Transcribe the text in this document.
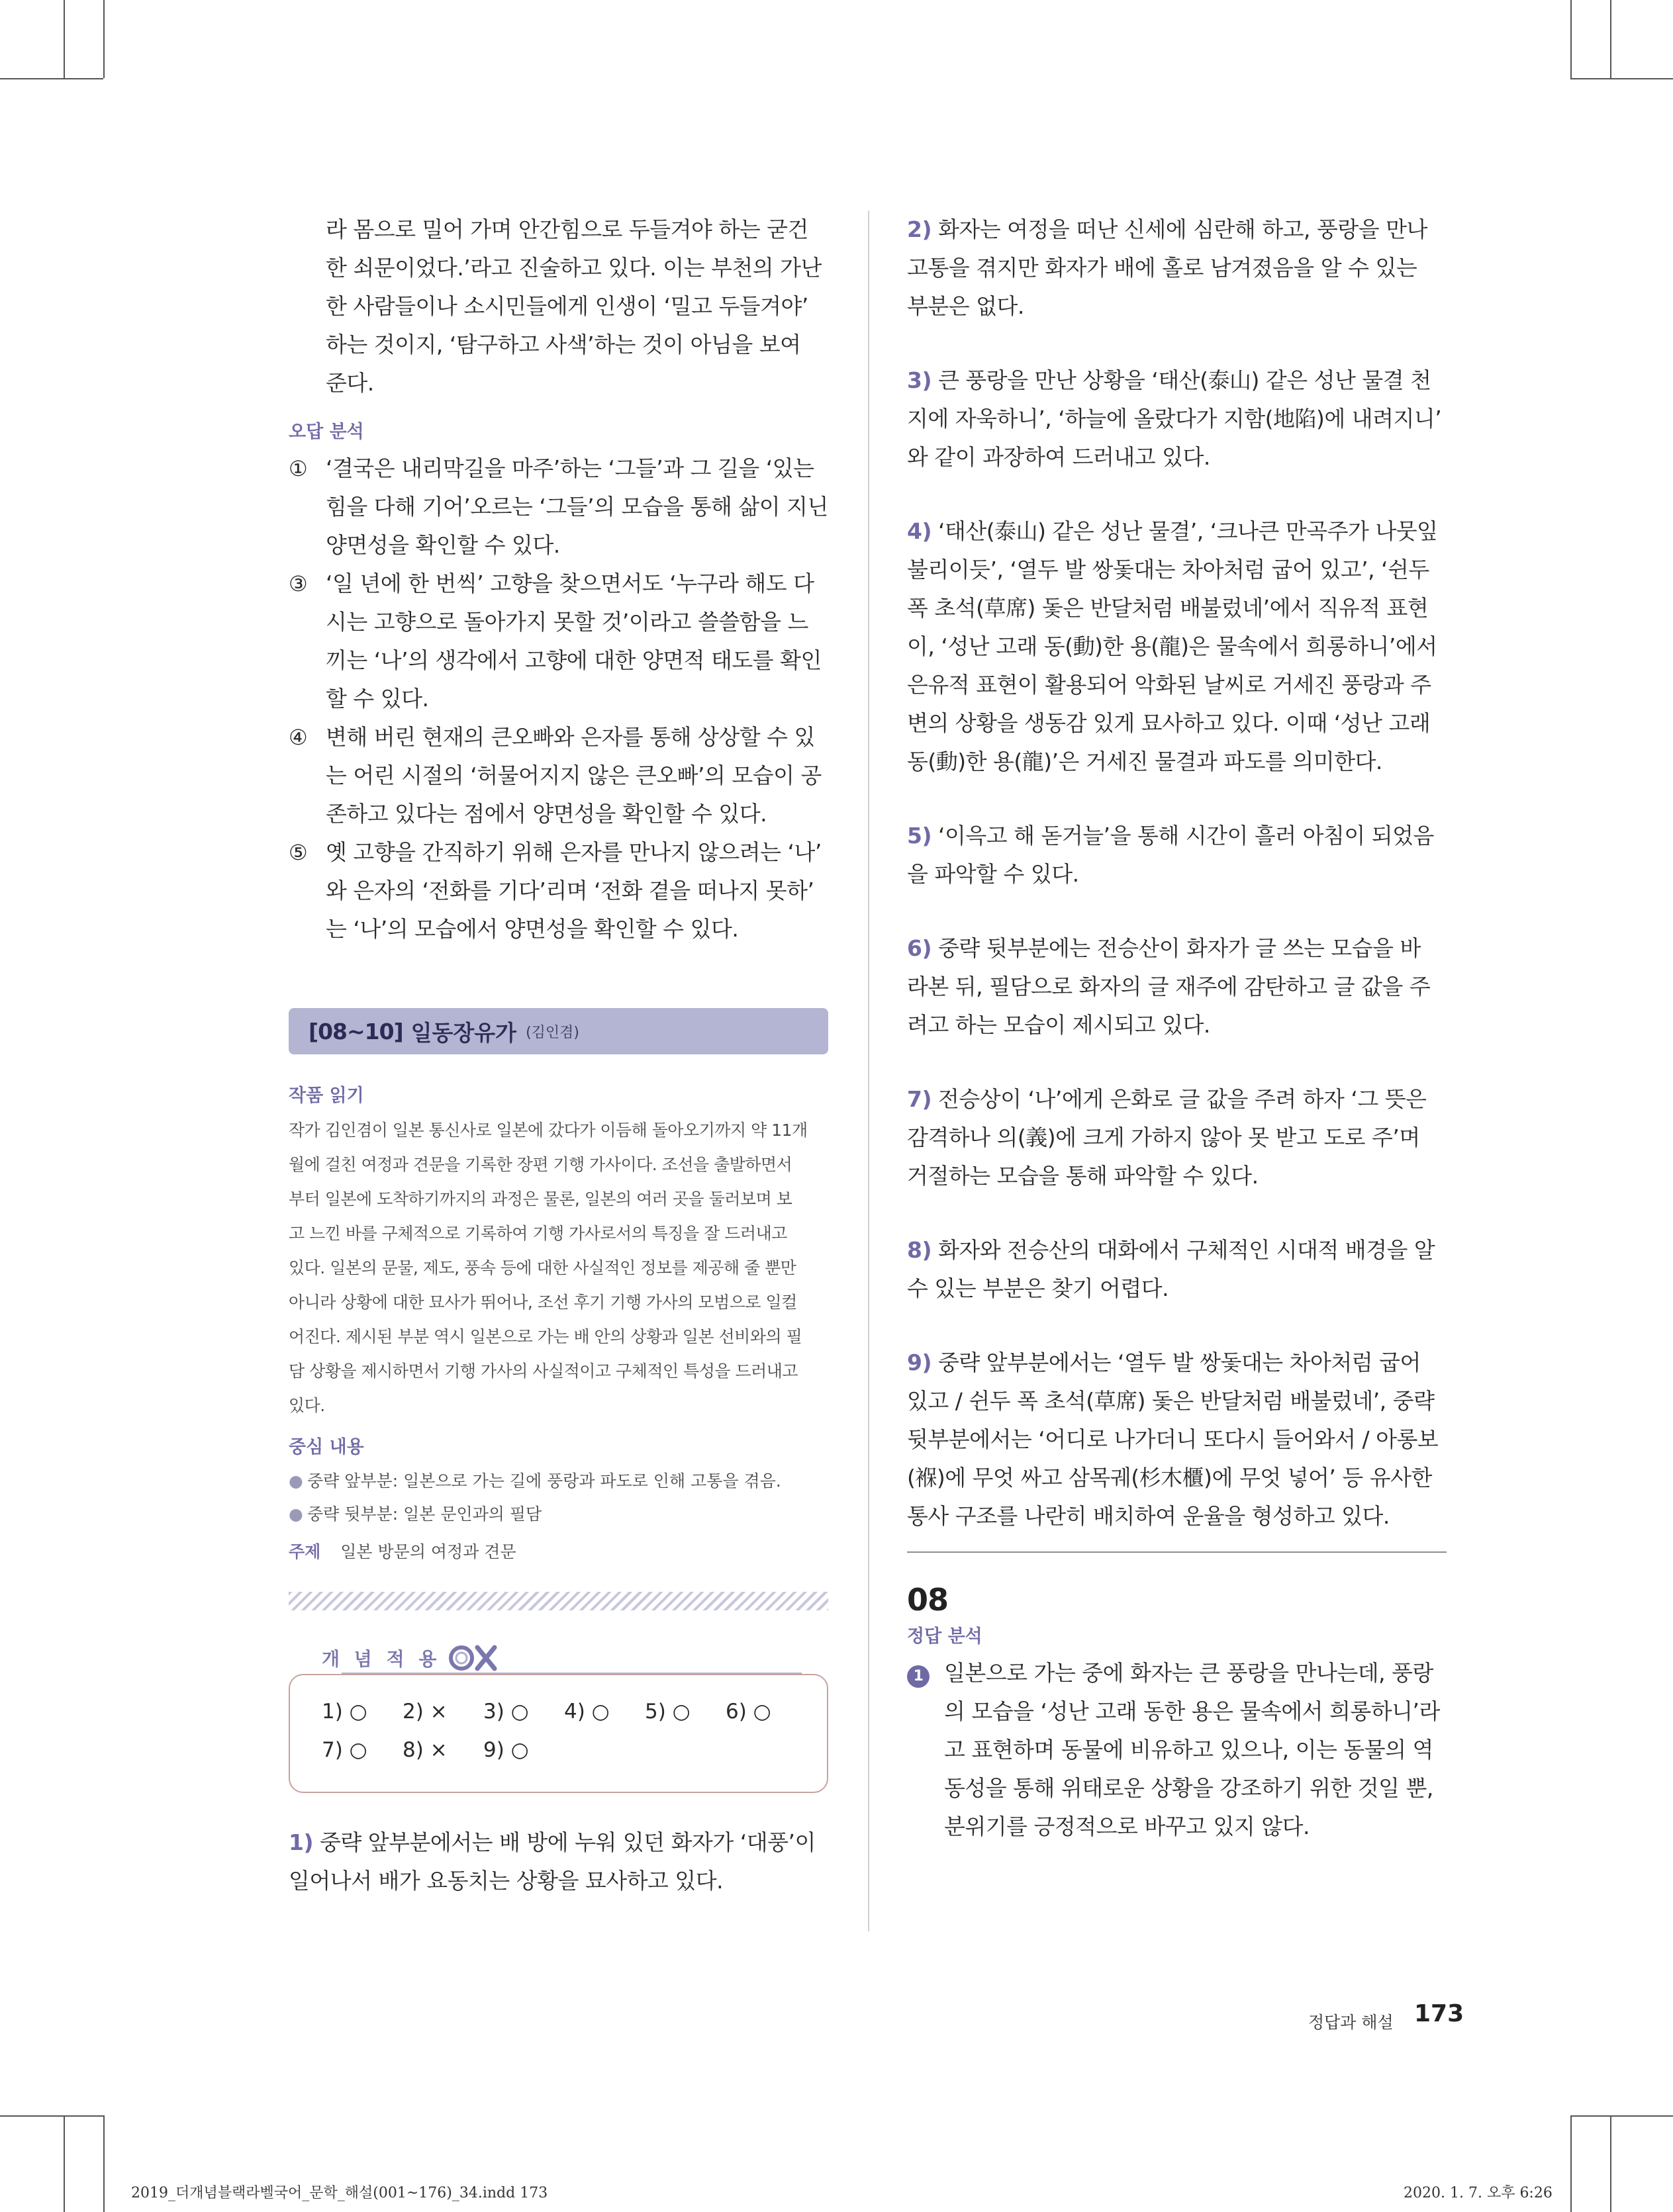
라 몸으로 밀어 가며 안간힘으로 두들겨야 하는 굳건
한 쇠문이었다.’라고 진술하고 있다. 이는 부천의 가난
한 사람들이나 소시민들에게 인생이 ‘밀고 두들겨야’
하는 것이지, ‘탐구하고 사색’하는 것이 아님을 보여
준다.
오답 분석
① ‘결국은 내리막길을 마주’하는 ‘그들’과 그 길을 ‘있는
힘을 다해 기어’오르는 ‘그들’의 모습을 통해 삶이 지닌
양면성을 확인할 수 있다.
③ ‘일 년에 한 번씩’ 고향을 찾으면서도 ‘누구라 해도 다
시는 고향으로 돌아가지 못할 것’이라고 쓸쓸함을 느
끼는 ‘나’의 생각에서 고향에 대한 양면적 태도를 확인
할 수 있다.
④ 변해 버린 현재의 큰오빠와 은자를 통해 상상할 수 있
는 어린 시절의 ‘허물어지지 않은 큰오빠’의 모습이 공
존하고 있다는 점에서 양면성을 확인할 수 있다.
⑤ 옛 고향을 간직하기 위해 은자를 만나지 않으려는 ‘나’
와 은자의 ‘전화를 기다’리며 ‘전화 곁을 떠나지 못하’
는 ‘나’의 모습에서 양면성을 확인할 수 있다.
[08~10] 일동장유가 (김인겸)
작품 읽기
작가 김인겸이 일본 통신사로 일본에 갔다가 이듬해 돌아오기까지 약 11개
월에 걸친 여정과 견문을 기록한 장편 기행 가사이다. 조선을 출발하면서
부터 일본에 도착하기까지의 과정은 물론, 일본의 여러 곳을 둘러보며 보
고 느낀 바를 구체적으로 기록하여 기행 가사로서의 특징을 잘 드러내고
있다. 일본의 문물, 제도, 풍속 등에 대한 사실적인 정보를 제공해 줄 뿐만
아니라 상황에 대한 묘사가 뛰어나, 조선 후기 기행 가사의 모범으로 일컬
어진다. 제시된 부분 역시 일본으로 가는 배 안의 상황과 일본 선비와의 필
담 상황을 제시하면서 기행 가사의 사실적이고 구체적인 특성을 드러내고
있다.
중심 내용
● 중략 앞부분: 일본으로 가는 길에 풍랑과 파도로 인해 고통을 겪음.
● 중략 뒷부분: 일본 문인과의 필담
주제 일본 방문의 여정과 견문
개 념 적 용
1) ○	2) ×	3) ○	4) ○	5) ○	6) ○
7) ○	8) ×	9) ○
1) 중략 앞부분에서는 배 방에 누워 있던 화자가 ‘대풍’이
일어나서 배가 요동치는 상황을 묘사하고 있다.
2) 화자는 여정을 떠난 신세에 심란해 하고, 풍랑을 만나
고통을 겪지만 화자가 배에 홀로 남겨졌음을 알 수 있는
부분은 없다.
3) 큰 풍랑을 만난 상황을 ‘태산(泰山) 같은 성난 물결 천
지에 자욱하니’, ‘하늘에 올랐다가 지함(地陷)에 내려지니’
와 같이 과장하여 드러내고 있다.
4) ‘태산(泰山) 같은 성난 물결’, ‘크나큰 만곡주가 나뭇잎
불리이듯’, ‘열두 발 쌍돛대는 차아처럼 굽어 있고’, ‘쉰두
폭 초석(草席) 돛은 반달처럼 배불렀네’에서 직유적 표현
이, ‘성난 고래 동(動)한 용(龍)은 물속에서 희롱하니’에서
은유적 표현이 활용되어 악화된 날씨로 거세진 풍랑과 주
변의 상황을 생동감 있게 묘사하고 있다. 이때 ‘성난 고래
동(動)한 용(龍)’은 거세진 물결과 파도를 의미한다.
5) ‘이윽고 해 돋거늘’을 통해 시간이 흘러 아침이 되었음
을 파악할 수 있다.
6) 중략 뒷부분에는 전승산이 화자가 글 쓰는 모습을 바
라본 뒤, 필담으로 화자의 글 재주에 감탄하고 글 값을 주
려고 하는 모습이 제시되고 있다.
7) 전승상이 ‘나’에게 은화로 글 값을 주려 하자 ‘그 뜻은
감격하나 의(義)에 크게 가하지 않아 못 받고 도로 주’며
거절하는 모습을 통해 파악할 수 있다.
8) 화자와 전승산의 대화에서 구체적인 시대적 배경을 알
수 있는 부분은 찾기 어렵다.
9) 중략 앞부분에서는 ‘열두 발 쌍돛대는 차아처럼 굽어
있고 / 쉰두 폭 초석(草席) 돛은 반달처럼 배불렀네’, 중략
뒷부분에서는 ‘어디로 나가더니 또다시 들어와서 / 아롱보
(褓)에 무엇 싸고 삼목궤(杉木櫃)에 무엇 넣어’ 등 유사한
통사 구조를 나란히 배치하여 운율을 형성하고 있다.
08
정답 분석
1 일본으로 가는 중에 화자는 큰 풍랑을 만나는데, 풍랑
의 모습을 ‘성난 고래 동한 용은 물속에서 희롱하니’라
고 표현하며 동물에 비유하고 있으나, 이는 동물의 역
동성을 통해 위태로운 상황을 강조하기 위한 것일 뿐,
분위기를 긍정적으로 바꾸고 있지 않다.
정답과 해설 173
2019_더개념블랙라벨국어_문학_해설(001~176)_34.indd 173	2020. 1. 7. 오후 6:26
